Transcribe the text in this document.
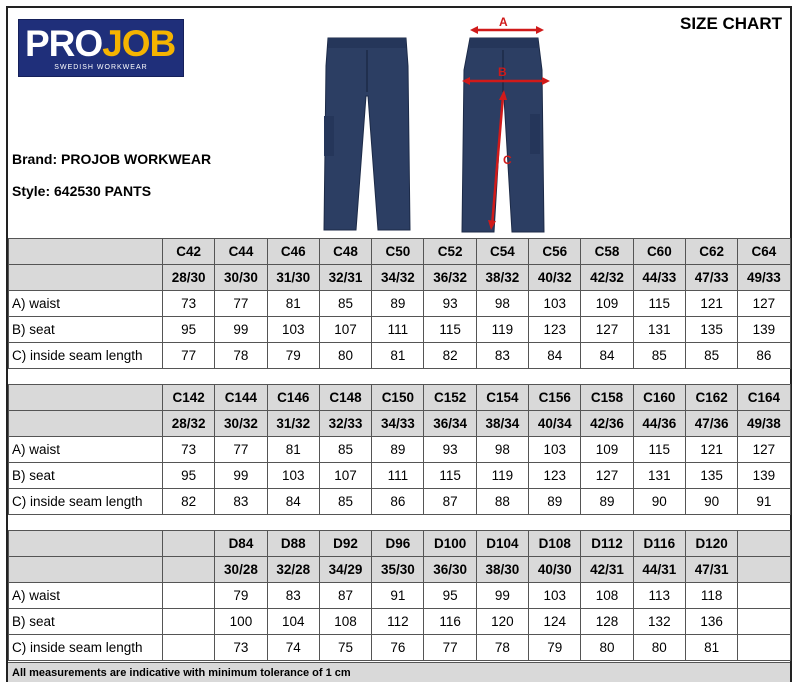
PROJOB
SWEDISH WORKWEAR
SIZE CHART
Brand: PROJOB WORKWEAR
Style: 642530 PANTS
A
B
C
	C42	C44	C46	C48	C50	C52	C54	C56	C58	C60	C62	C64
	28/30	30/30	31/30	32/31	34/32	36/32	38/32	40/32	42/32	44/33	47/33	49/33
A) waist	73	77	81	85	89	93	98	103	109	115	121	127
B) seat	95	99	103	107	111	115	119	123	127	131	135	139
C) inside seam length	77	78	79	80	81	82	83	84	84	85	85	86
	C142	C144	C146	C148	C150	C152	C154	C156	C158	C160	C162	C164
	28/32	30/32	31/32	32/33	34/33	36/34	38/34	40/34	42/36	44/36	47/36	49/38
A) waist	73	77	81	85	89	93	98	103	109	115	121	127
B) seat	95	99	103	107	111	115	119	123	127	131	135	139
C) inside seam length	82	83	84	85	86	87	88	89	89	90	90	91
		D84	D88	D92	D96	D100	D104	D108	D112	D116	D120	
		30/28	32/28	34/29	35/30	36/30	38/30	40/30	42/31	44/31	47/31	
A) waist		79	83	87	91	95	99	103	108	113	118	
B) seat		100	104	108	112	116	120	124	128	132	136	
C) inside seam length		73	74	75	76	77	78	79	80	80	81	
All measurements are indicative with minimum tolerance of 1 cm
